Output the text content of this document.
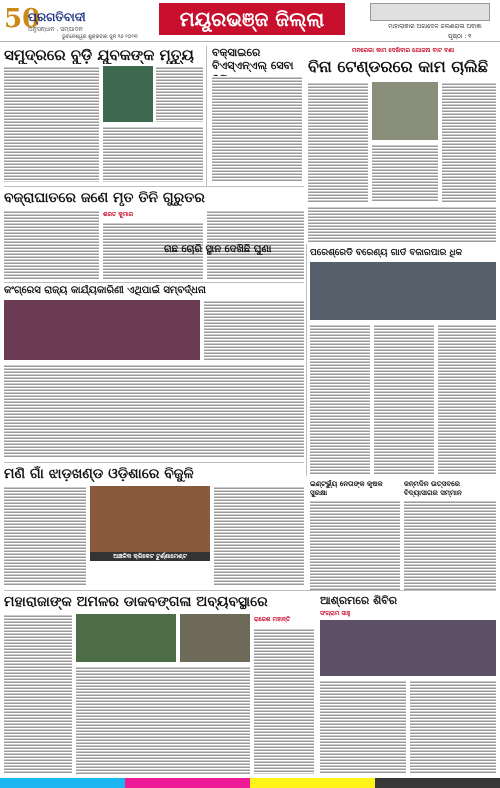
50
ପ୍ରଗତିବାଦୀ
ଅନୁସନ୍ଧାନ . ସମ୍ପାଦନ
ଭୁବନେଶ୍ୱର ଶୁକ୍ରବାର ଜୁନ ୧୬ ୨୦୨୩
ମୟୂରଭଞ୍ଜ ଜିଲ୍ଲା	ମାହାଲାକାର ଅଗାଦେଳ ଜଲଣରାଳା ଅବାଜ୍ଞା
ପୃଷ୍ଠା : ୧
ସମୁଦ୍ରରେ ବୁଡ଼ି ଯୁବକଙ୍କ ମୃତ୍ୟୁ
ବଜ୍ରାଘାତରେ ଜଣେ ମୃତ ତିନି ଗୁରୁତର
ଶରତ କୁମାର
ବକ୍ସାଇରେ ବିଏସ୍‌ଏନ୍‌ଏଲ୍ ସେବା
ମନରେଗା କାମ ଦେଖିବାର ଯୋଜନା ବାଟ ବଣା
ବିନା ଟେଣ୍ଡରରେ କାମ ଚାଲିଛି
କଂଗ୍ରେସ ରାଜ୍ୟ କାର୍ଯ୍ୟକାରିଣୀ ଏଥିପାଇଁ ସମ୍ବର୍ଦ୍ଧନା
ଗଛ ଚୋରି ସ୍ଥାନ ଦେଖିଛି ଘୁଣା	ପରେଶ୍ରେଡି ବରେଣ୍ୟ ଗାର୍ଡ ବଜାରପାର ଧିକ
ମଣି ଗାଁ ଝାଡ଼ଖଣ୍ଡ ଓଡ଼ିଶାରେ ବିଜୁଳି
ଆଞ୍ଚଳିକ କ୍ରିକେଟ ଟୁର୍ଣ୍ଣାମେଣ୍ଟ
ଇଣ୍ଟର୍ଭ୍ୟୁ ନେତାଙ୍କ କୃଷକ ସୁରକ୍ଷା
ଜନ୍ମଦିନ ଉତ୍ସବରେ ବିଦ୍ୟାସାଗର ସମ୍ମାନ
ମହାରାଜାଙ୍କ ଅମଳର ଡାକବଙ୍ଗଳା ଅବ୍ୟବସ୍ଥାରେ
ରାଜେଶ ମହାନ୍ତି
ଆଶ୍ରମରେ ଶିବିର
ସଂଗ୍ରାମ ସାହୁ
